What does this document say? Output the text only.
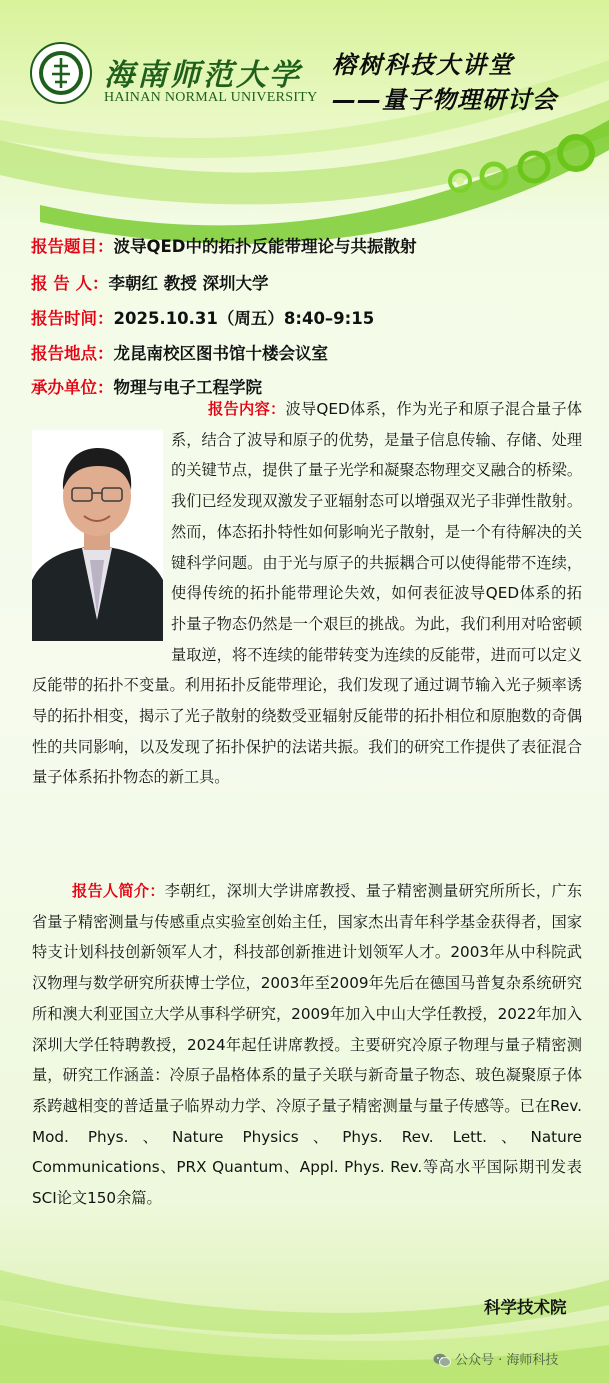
海南师范大学
HAINAN NORMAL UNIVERSITY
榕树科技大讲堂
——量子物理研讨会
报告题目：波导QED中的拓扑反能带理论与共振散射
报 告 人：李朝红 教授 深圳大学
报告时间：2025.10.31（周五）8:40–9:15
报告地点：龙昆南校区图书馆十楼会议室
承办单位：物理与电子工程学院
报告内容：波导QED体系，作为光子和原子混合量子体系，结合了波导和原子的优势，是量子信息传输、存储、处理的关键节点，提供了量子光学和凝聚态物理交叉融合的桥梁。我们已经发现双激发子亚辐射态可以增强双光子非弹性散射。然而，体态拓扑特性如何影响光子散射，是一个有待解决的关键科学问题。由于光与原子的共振耦合可以使得能带不连续，使得传统的拓扑能带理论失效，如何表征波导QED体系的拓扑量子物态仍然是一个艰巨的挑战。为此，我们利用对哈密顿量取逆，将不连续的能带转变为连续的反能带，进而可以定义反能带的拓扑不变量。利用拓扑反能带理论，我们发现了通过调节输入光子频率诱导的拓扑相变，揭示了光子散射的绕数受亚辐射反能带的拓扑相位和原胞数的奇偶性的共同影响，以及发现了拓扑保护的法诺共振。我们的研究工作提供了表征混合量子体系拓扑物态的新工具。
报告人简介：李朝红，深圳大学讲席教授、量子精密测量研究所所长，广东省量子精密测量与传感重点实验室创始主任，国家杰出青年科学基金获得者，国家特支计划科技创新领军人才，科技部创新推进计划领军人才。2003年从中科院武汉物理与数学研究所获博士学位，2003年至2009年先后在德国马普复杂系统研究所和澳大利亚国立大学从事科学研究，2009年加入中山大学任教授，2022年加入深圳大学任特聘教授，2024年起任讲席教授。主要研究冷原子物理与量子精密测量，研究工作涵盖：冷原子晶格体系的量子关联与新奇量子物态、玻色凝聚原子体系跨越相变的普适量子临界动力学、冷原子量子精密测量与量子传感等。已在Rev. Mod. Phys.、Nature Physics、Phys. Rev. Lett.、Nature Communications、PRX Quantum、Appl. Phys. Rev.等高水平国际期刊发表SCI论文150余篇。
科学技术院
公众号 · 海师科技
